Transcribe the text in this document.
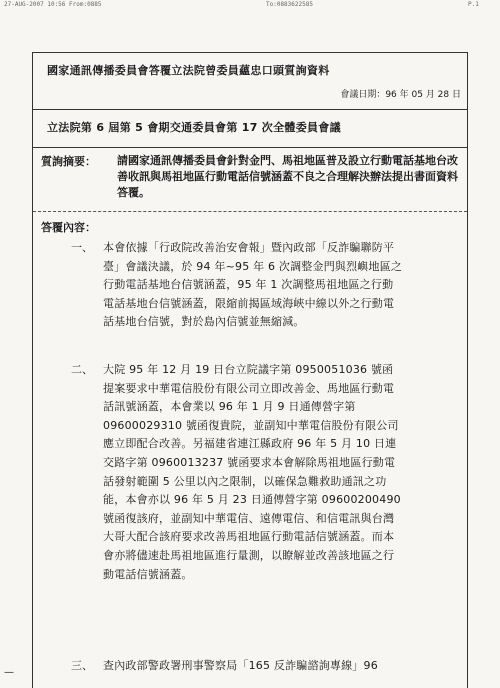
27-AUG-2007 10:56 From:0885	To:0883622585	P.1
國家通訊傳播委員會答覆立法院曾委員蘊忠口頭質詢資料
會議日期：96 年 05 月 28 日
立法院第 6 屆第 5 會期交通委員會第 17 次全體委員會議
質詢摘要： 請國家通訊傳播委員會針對金門、馬祖地區普及設立行動電話基地台改善收訊與馬祖地區行動電話信號涵蓋不良之合理解決辦法提出書面資料答覆。
答覆內容：
一、 本會依據「行政院改善治安會報」暨內政部「反詐騙聯防平臺」會議決議，於 94 年~95 年 6 次調整金門與烈嶼地區之行動電話基地台信號涵蓋，95 年 1 次調整馬祖地區之行動電話基地台信號涵蓋，限縮前揭區域海峽中線以外之行動電話基地台信號，對於島內信號並無縮減。
二、 大院 95 年 12 月 19 日台立院議字第 0950051036 號函提案要求中華電信股份有限公司立即改善金、馬地區行動電話訊號涵蓋，本會業以 96 年 1 月 9 日通傳營字第 09600029310 號函復貴院，並副知中華電信股份有限公司應立即配合改善。另福建省連江縣政府 96 年 5 月 10 日連交路字第 0960013237 號函要求本會解除馬祖地區行動電話發射範圍 5 公里以內之限制，以確保急難救助通訊之功能，本會亦以 96 年 5 月 23 日通傳營字第 09600200490 號函復該府，並副知中華電信、遠傳電信、和信電訊與台灣大哥大配合該府要求改善馬祖地區行動電話信號涵蓋。而本會亦將儘速赴馬祖地區進行量測，以瞭解並改善該地區之行動電話信號涵蓋。
三、 查內政部警政署刑事警察局「165 反詐騙諮詢專線」96
—
